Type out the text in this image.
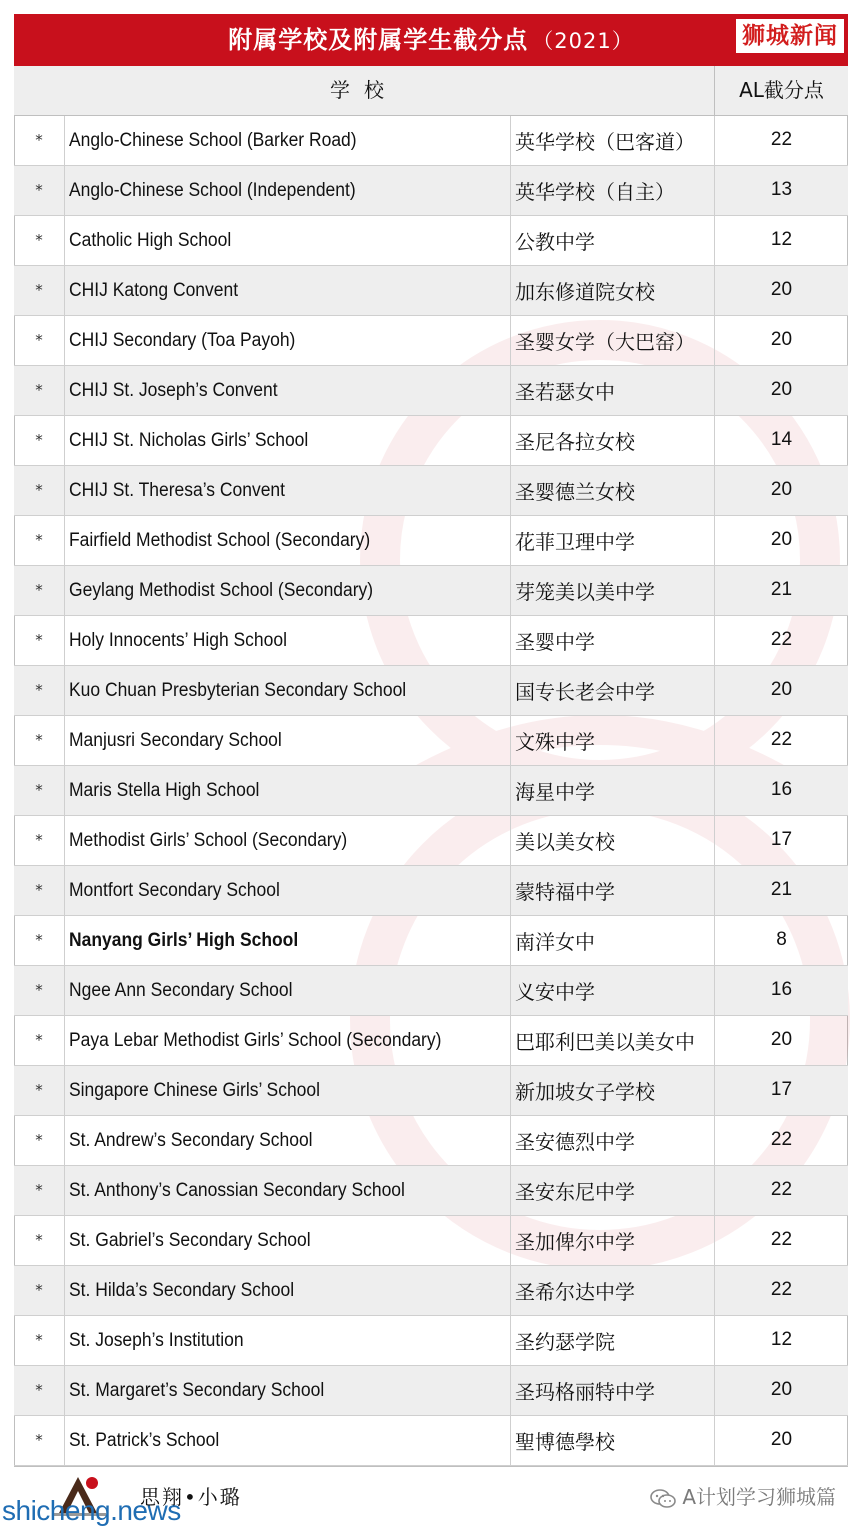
附属学校及附属学生截分点 （2021）	狮城新闻
学校	AL截分点
*	Anglo-Chinese School (Barker Road)	英华学校（巴客道）	22
*	Anglo-Chinese School (Independent)	英华学校（自主）	13
*	Catholic High School	公教中学	12
*	CHIJ Katong Convent	加东修道院女校	20
*	CHIJ Secondary (Toa Payoh)	圣婴女学（大巴窑）	20
*	CHIJ St. Joseph’s Convent	圣若瑟女中	20
*	CHIJ St. Nicholas Girls’ School	圣尼各拉女校	14
*	CHIJ St. Theresa’s Convent	圣婴德兰女校	20
*	Fairfield Methodist School (Secondary)	花菲卫理中学	20
*	Geylang Methodist School (Secondary)	芽笼美以美中学	21
*	Holy Innocents’ High School	圣婴中学	22
*	Kuo Chuan Presbyterian Secondary School	国专长老会中学	20
*	Manjusri Secondary School	文殊中学	22
*	Maris Stella High School	海星中学	16
*	Methodist Girls’ School (Secondary)	美以美女校	17
*	Montfort Secondary School	蒙特福中学	21
*	Nanyang Girls’ High School	南洋女中	8
*	Ngee Ann Secondary School	义安中学	16
*	Paya Lebar Methodist Girls’ School (Secondary)	巴耶利巴美以美女中	20
*	Singapore Chinese Girls’ School	新加坡女子学校	17
*	St. Andrew’s Secondary School	圣安德烈中学	22
*	St. Anthony’s Canossian Secondary School	圣安东尼中学	22
*	St. Gabriel’s Secondary School	圣加俾尔中学	22
*	St. Hilda’s Secondary School	圣希尔达中学	22
*	St. Joseph’s Institution	圣约瑟学院	12
*	St. Margaret’s Secondary School	圣玛格丽特中学	20
*	St. Patrick’s School	聖博德學校	20
思翔•小璐	A计划学习狮城篇
shicheng.news
